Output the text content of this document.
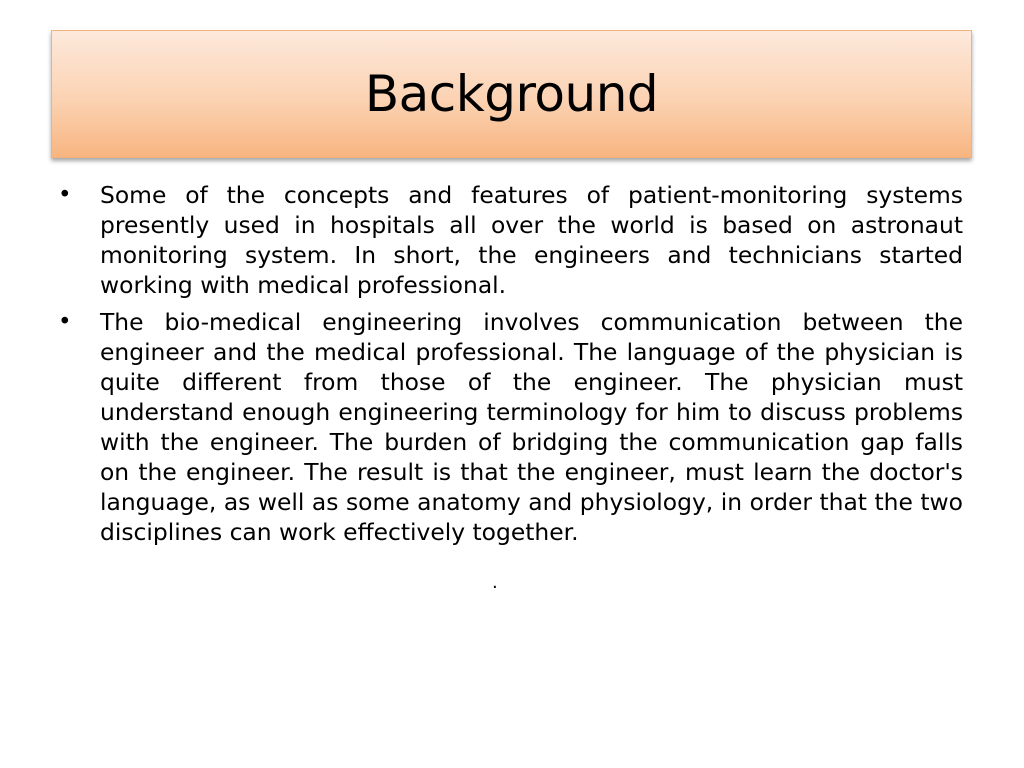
Background
• Some of the concepts and features of patient-monitoring systems presently used in hospitals all over the world is based on astronaut monitoring system. In short, the engineers and technicians started working with medical professional.
• The bio-medical engineering involves communication between the engineer and the medical professional. The language of the physician is quite different from those of the engineer. The physician must understand enough engineering terminology for him to discuss problems with the engineer. The burden of bridging the communication gap falls on the engineer. The result is that the engineer, must learn the doctor's language, as well as some anatomy and physiology, in order that the two disciplines can work effectively together.
.
